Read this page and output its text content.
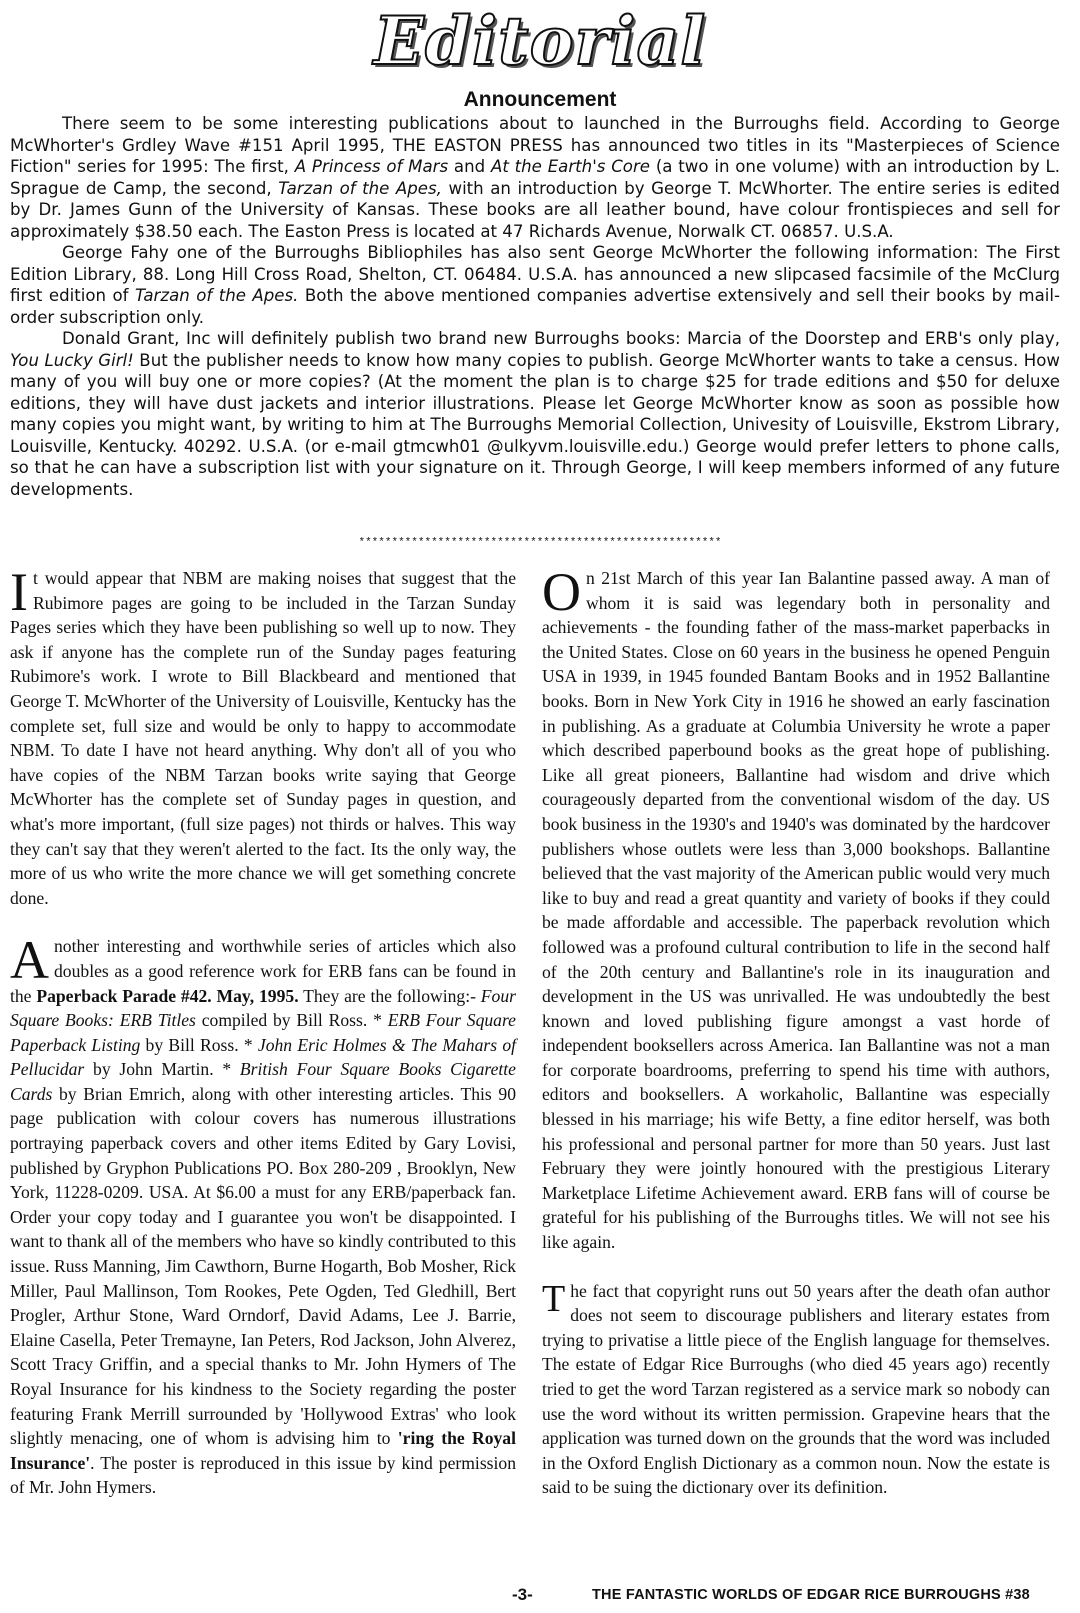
Editorial
Announcement

There seem to be some interesting publications about to launched in the Burroughs field. According to George McWhorter's Grdley Wave #151 April 1995, THE EASTON PRESS has announced two titles in its "Masterpieces of Science Fiction" series for 1995: The first, A Princess of Mars and At the Earth's Core (a two in one volume) with an introduction by L. Sprague de Camp, the second, Tarzan of the Apes, with an introduction by George T. McWhorter. The entire series is edited by Dr. James Gunn of the University of Kansas. These books are all leather bound, have colour frontispieces and sell for approximately $38.50 each. The Easton Press is located at 47 Richards Avenue, Norwalk CT. 06857. U.S.A.

George Fahy one of the Burroughs Bibliophiles has also sent George McWhorter the following information: The First Edition Library, 88. Long Hill Cross Road, Shelton, CT. 06484. U.S.A. has announced a new slipcased facsimile of the McClurg first edition of Tarzan of the Apes. Both the above mentioned companies advertise extensively and sell their books by mail-order subscription only.

Donald Grant, Inc will definitely publish two brand new Burroughs books: Marcia of the Doorstep and ERB's only play, You Lucky Girl! But the publisher needs to know how many copies to publish. George McWhorter wants to take a census. How many of you will buy one or more copies? (At the moment the plan is to charge $25 for trade editions and $50 for deluxe editions, they will have dust jackets and interior illustrations. Please let George McWhorter know as soon as possible how many copies you might want, by writing to him at The Burroughs Memorial Collection, Univesity of Louisville, Ekstrom Library, Louisville, Kentucky. 40292. U.S.A. (or e-mail gtmcwh01 @ulkyvm.louisville.edu.) George would prefer letters to phone calls, so that he can have a subscription list with your signature on it. Through George, I will keep members informed of any future developments.

*******************************************************

It would appear that NBM are making noises that suggest that the Rubimore pages are going to be included in the Tarzan Sunday Pages series which they have been publishing so well up to now. They ask if anyone has the complete run of the Sunday pages featuring Rubimore's work. I wrote to Bill Blackbeard and mentioned that George T. McWhorter of the University of Louisville, Kentucky has the complete set, full size and would be only to happy to accommodate NBM. To date I have not heard anything. Why don't all of you who have copies of the NBM Tarzan books write saying that George McWhorter has the complete set of Sunday pages in question, and what's more important, (full size pages) not thirds or halves. This way they can't say that they weren't alerted to the fact. Its the only way, the more of us who write the more chance we will get something concrete done.

Another interesting and worthwhile series of articles which also doubles as a good reference work for ERB fans can be found in the Paperback Parade #42. May, 1995. They are the following:- Four Square Books: ERB Titles compiled by Bill Ross. * ERB Four Square Paperback Listing by Bill Ross. * John Eric Holmes & The Mahars of Pellucidar by John Martin. * British Four Square Books Cigarette Cards by Brian Emrich, along with other interesting articles. This 90 page publication with colour covers has numerous illustrations portraying paperback covers and other items Edited by Gary Lovisi, published by Gryphon Publications PO. Box 280-209 , Brooklyn, New York, 11228-0209. USA. At $6.00 a must for any ERB/paperback fan. Order your copy today and I guarantee you won't be disappointed. I want to thank all of the members who have so kindly contributed to this issue. Russ Manning, Jim Cawthorn, Burne Hogarth, Bob Mosher, Rick Miller, Paul Mallinson, Tom Rookes, Pete Ogden, Ted Gledhill, Bert Progler, Arthur Stone, Ward Orndorf, David Adams, Lee J. Barrie, Elaine Casella, Peter Tremayne, Ian Peters, Rod Jackson, John Alverez, Scott Tracy Griffin, and a special thanks to Mr. John Hymers of The Royal Insurance for his kindness to the Society regarding the poster featuring Frank Merrill surrounded by 'Hollywood Extras' who look slightly menacing, one of whom is advising him to 'ring the Royal Insurance'. The poster is reproduced in this issue by kind permission of Mr. John Hymers.

On 21st March of this year Ian Balantine passed away. A man of whom it is said was legendary both in personality and achievements - the founding father of the mass-market paperbacks in the United States. Close on 60 years in the business he opened Penguin USA in 1939, in 1945 founded Bantam Books and in 1952 Ballantine books. Born in New York City in 1916 he showed an early fascination in publishing. As a graduate at Columbia University he wrote a paper which described paperbound books as the great hope of publishing. Like all great pioneers, Ballantine had wisdom and drive which courageously departed from the conventional wisdom of the day. US book business in the 1930's and 1940's was dominated by the hardcover publishers whose outlets were less than 3,000 bookshops. Ballantine believed that the vast majority of the American public would very much like to buy and read a great quantity and variety of books if they could be made affordable and accessible. The paperback revolution which followed was a profound cultural contribution to life in the second half of the 20th century and Ballantine's role in its inauguration and development in the US was unrivalled. He was undoubtedly the best known and loved publishing figure amongst a vast horde of independent booksellers across America. Ian Ballantine was not a man for corporate boardrooms, preferring to spend his time with authors, editors and booksellers. A workaholic, Ballantine was especially blessed in his marriage; his wife Betty, a fine editor herself, was both his professional and personal partner for more than 50 years. Just last February they were jointly honoured with the prestigious Literary Marketplace Lifetime Achievement award. ERB fans will of course be grateful for his publishing of the Burroughs titles. We will not see his like again.

The fact that copyright runs out 50 years after the death ofan author does not seem to discourage publishers and literary estates from trying to privatise a little piece of the English language for themselves. The estate of Edgar Rice Burroughs (who died 45 years ago) recently tried to get the word Tarzan registered as a service mark so nobody can use the word without its written permission. Grapevine hears that the application was turned down on the grounds that the word was included in the Oxford English Dictionary as a common noun. Now the estate is said to be suing the dictionary over its definition.

-3-	THE FANTASTIC WORLDS OF EDGAR RICE BURROUGHS #38
